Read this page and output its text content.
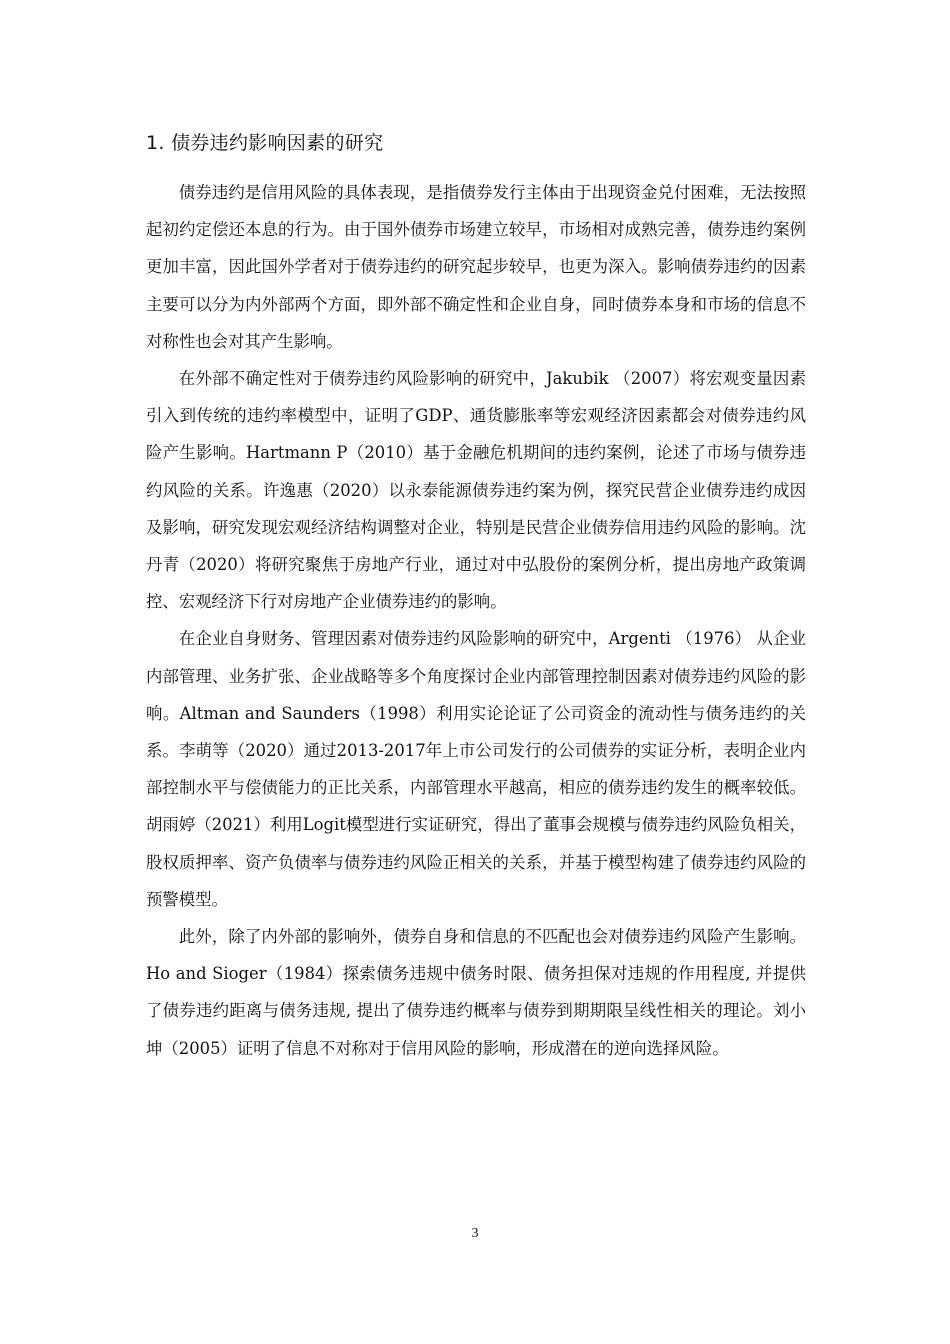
1. 债券违约影响因素的研究

债券违约是信用风险的具体表现，是指债券发行主体由于出现资金兑付困难，无法按照起初约定偿还本息的行为。由于国外债券市场建立较早，市场相对成熟完善，债券违约案例更加丰富，因此国外学者对于债券违约的研究起步较早，也更为深入。影响债券违约的因素主要可以分为内外部两个方面，即外部不确定性和企业自身，同时债券本身和市场的信息不对称性也会对其产生影响。

在外部不确定性对于债券违约风险影响的研究中，Jakubik （2007）将宏观变量因素引入到传统的违约率模型中，证明了GDP、通货膨胀率等宏观经济因素都会对债券违约风险产生影响。Hartmann P（2010）基于金融危机期间的违约案例，论述了市场与债券违约风险的关系。许逸惠（2020）以永泰能源债券违约案为例，探究民营企业债券违约成因及影响，研究发现宏观经济结构调整对企业，特别是民营企业债券信用违约风险的影响。沈丹青（2020）将研究聚焦于房地产行业，通过对中弘股份的案例分析，提出房地产政策调控、宏观经济下行对房地产企业债券违约的影响。

在企业自身财务、管理因素对债券违约风险影响的研究中，Argenti （1976） 从企业内部管理、业务扩张、企业战略等多个角度探讨企业内部管理控制因素对债券违约风险的影响。Altman and Saunders（1998）利用实论论证了公司资金的流动性与债务违约的关系。李萌等（2020）通过2013-2017年上市公司发行的公司债券的实证分析，表明企业内部控制水平与偿债能力的正比关系，内部管理水平越高，相应的债券违约发生的概率较低。胡雨婷（2021）利用Logit模型进行实证研究，得出了董事会规模与债券违约风险负相关，股权质押率、资产负债率与债券违约风险正相关的关系，并基于模型构建了债券违约风险的预警模型。

此外，除了内外部的影响外，债券自身和信息的不匹配也会对债券违约风险产生影响。Ho and Sioger（1984）探索债务违规中债务时限、债务担保对违规的作用程度, 并提供了债券违约距离与债务违规, 提出了债券违约概率与债券到期期限呈线性相关的理论。刘小坤（2005）证明了信息不对称对于信用风险的影响，形成潜在的逆向选择风险。

3
